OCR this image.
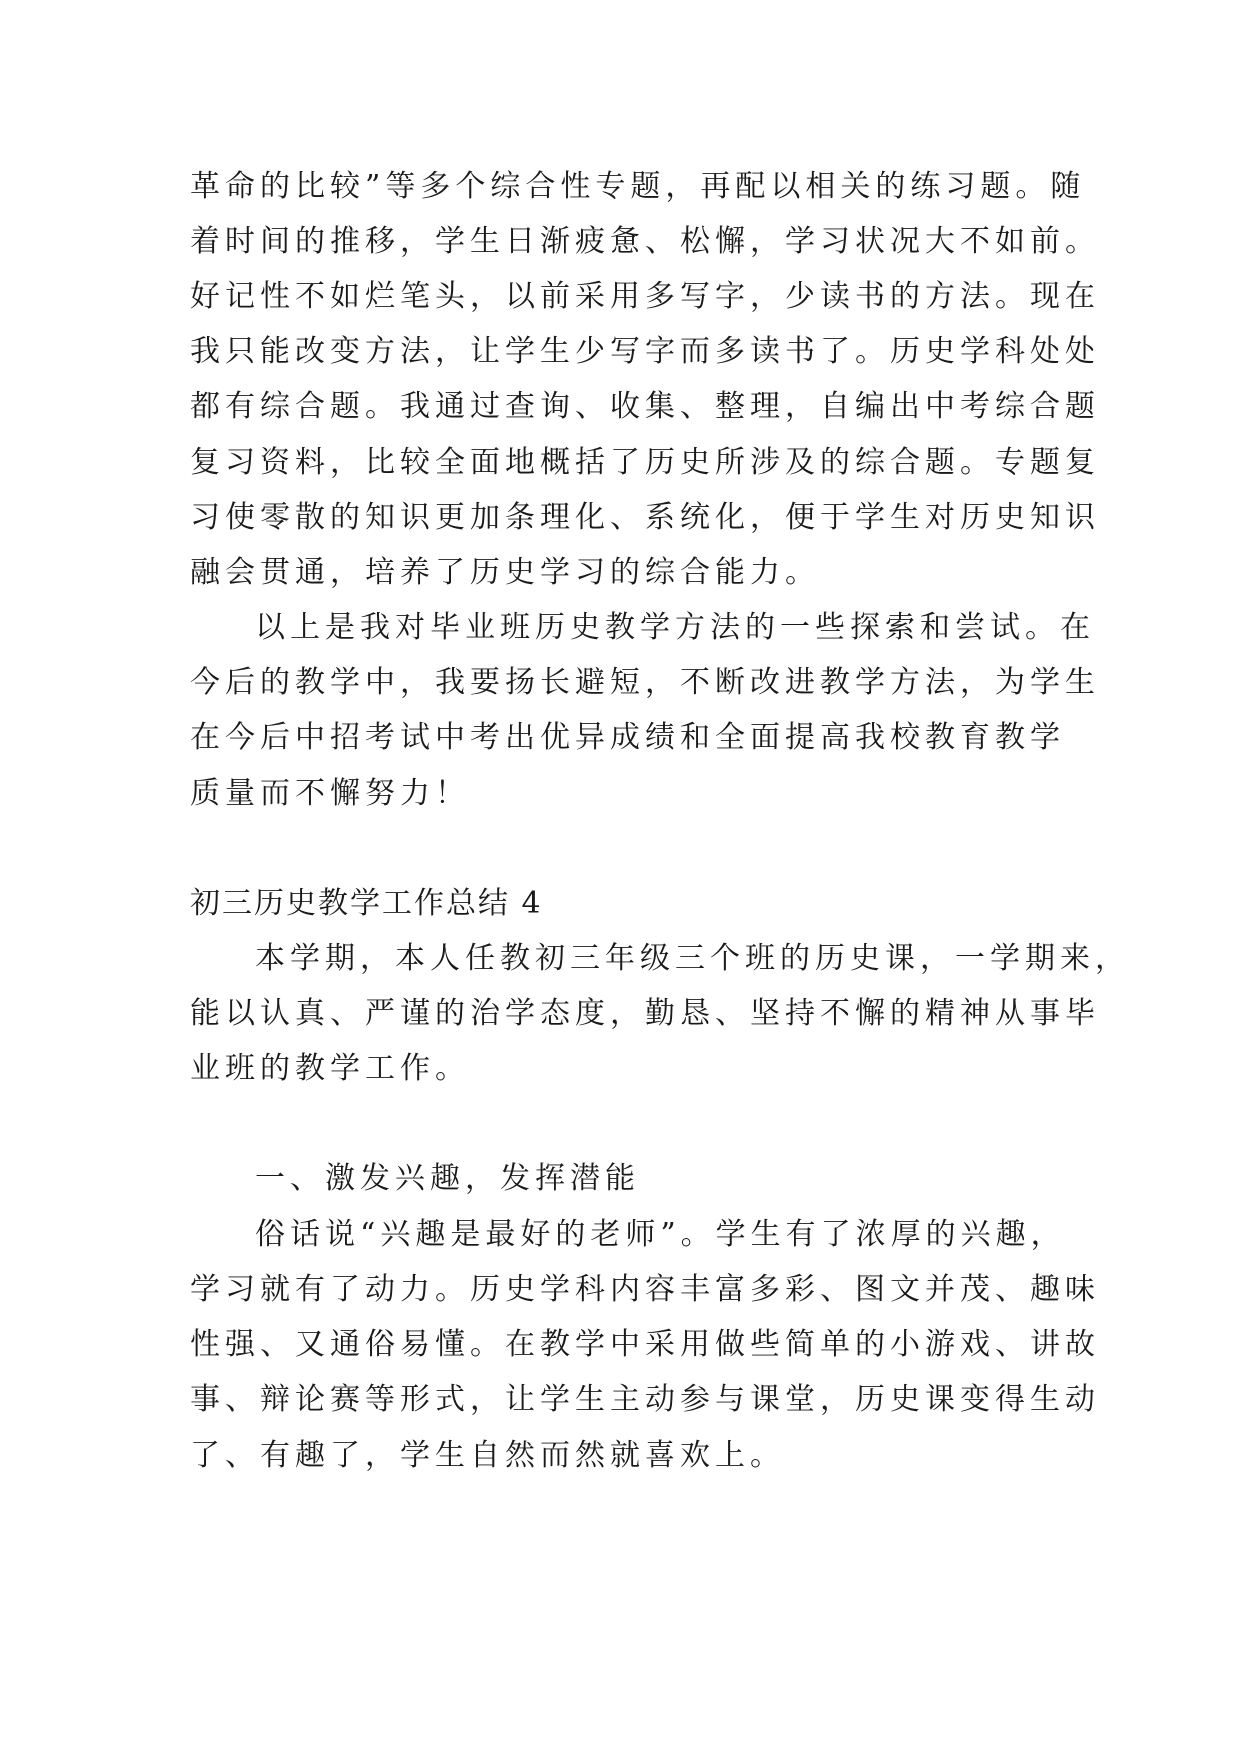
革命的比较”等多个综合性专题，再配以相关的练习题。随
着时间的推移，学生日渐疲惫、松懈，学习状况大不如前。
好记性不如烂笔头，以前采用多写字，少读书的方法。现在
我只能改变方法，让学生少写字而多读书了。历史学科处处
都有综合题。我通过查询、收集、整理，自编出中考综合题
复习资料，比较全面地概括了历史所涉及的综合题。专题复
习使零散的知识更加条理化、系统化，便于学生对历史知识
融会贯通，培养了历史学习的综合能力。
以上是我对毕业班历史教学方法的一些探索和尝试。在
今后的教学中，我要扬长避短，不断改进教学方法，为学生
在今后中招考试中考出优异成绩和全面提高我校教育教学
质量而不懈努力！
初三历史教学工作总结 4
本学期，本人任教初三年级三个班的历史课，一学期来，
能以认真、严谨的治学态度，勤恳、坚持不懈的精神从事毕
业班的教学工作。
一、激发兴趣，发挥潜能
俗话说“兴趣是最好的老师”。学生有了浓厚的兴趣，
学习就有了动力。历史学科内容丰富多彩、图文并茂、趣味
性强、又通俗易懂。在教学中采用做些简单的小游戏、讲故
事、辩论赛等形式，让学生主动参与课堂，历史课变得生动
了、有趣了，学生自然而然就喜欢上。
